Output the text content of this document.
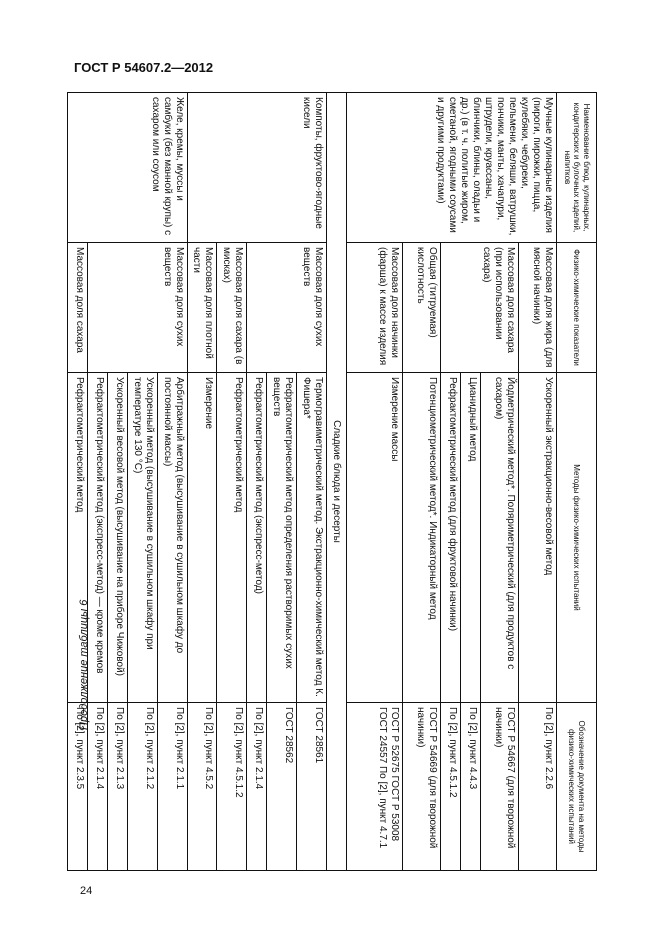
ГОСТ Р 54607.2—2012
24
Продолжение таблицы 6
Наименование блюд, кулинарных, кондитерских и булочных изделий, напитков	Физико-химические показатели	Методы физико-химических испытаний	Обозначение документа на методы физико-химических испытаний
Мучные кулинарные изделия (пироги, пирожки, пицца, кулебяки, чебуреки, пельмени, беляши, ватрушки, пончики, манты, хачапури, штрудели, круассаны, блинчики, блины, оладьи и др.) (в т. ч. политые жиром, сметаной, ягодными соусами и другими продуктами)	Массовая доля жира (для мясной начинки)	Ускоренный экстракционно-весовой метод	По [2], пункт 2.2.6
	Массовая доля сахара (при использовании сахара)	Йодметрический метод*. Поляриметрический (для продуктов с сахаром)	ГОСТ Р 54667 (для творожной начинки)
		Цианидный метод	По [2], пункт 4.4.3
		Рефрактометрический метод (для фруктовой начинки)	По [2], пункт 4.5.1.2
	Общая (титруемая) кислотность	Потенциометрический метод*. Индикаторный метод	ГОСТ Р 54669 (для творожной начинки)
	Массовая доля начинки (фарша) к массе изделия	Измерение массы	ГОСТ Р 52675 ГОСТ Р 53008 ГОСТ 24557 По [2], пункт 4.7.1
Сладкие блюда и десерты			
Компоты, фруктово-ягодные кисели	Массовая доля сухих веществ	Термогравиметрический метод. Экстракционно-химический метод К. Фишера*	ГОСТ 28561
		Рефрактометрический метод определения растворимых сухих веществ	ГОСТ 28562
		Рефрактометрический метод (экспресс-метод)	По [2], пункт 2.1.4
	Массовая доля сахара (в мисках)	Рефрактометрический метод	По [2], пункт 4.5.1.2
	Массовая доля плотной части	Измерение	По [2], пункт 4.5.2
Желе, кремы, муссы и самбуки (без манной крупы) с сахаром или соусом	Массовая доля сухих веществ	Арбитражный метод (высушивание в сушильном шкафу до постоянной массы)	По [2], пункт 2.1.1
		Ускоренный метод (высушивание в сушильном шкафу при температуре 130 °С)	По [2], пункт 2.1.2
		Ускоренный весовой метод (высушивание на приборе Чижовой)	По [2], пункт 2.1.3
		Рефрактометрический метод (экспресс-метод) — кроме кремов	По [2], пункт 2.1.4
	Массовая доля сахара	Рефрактометрический метод	По [2], пункт 2.3.5
